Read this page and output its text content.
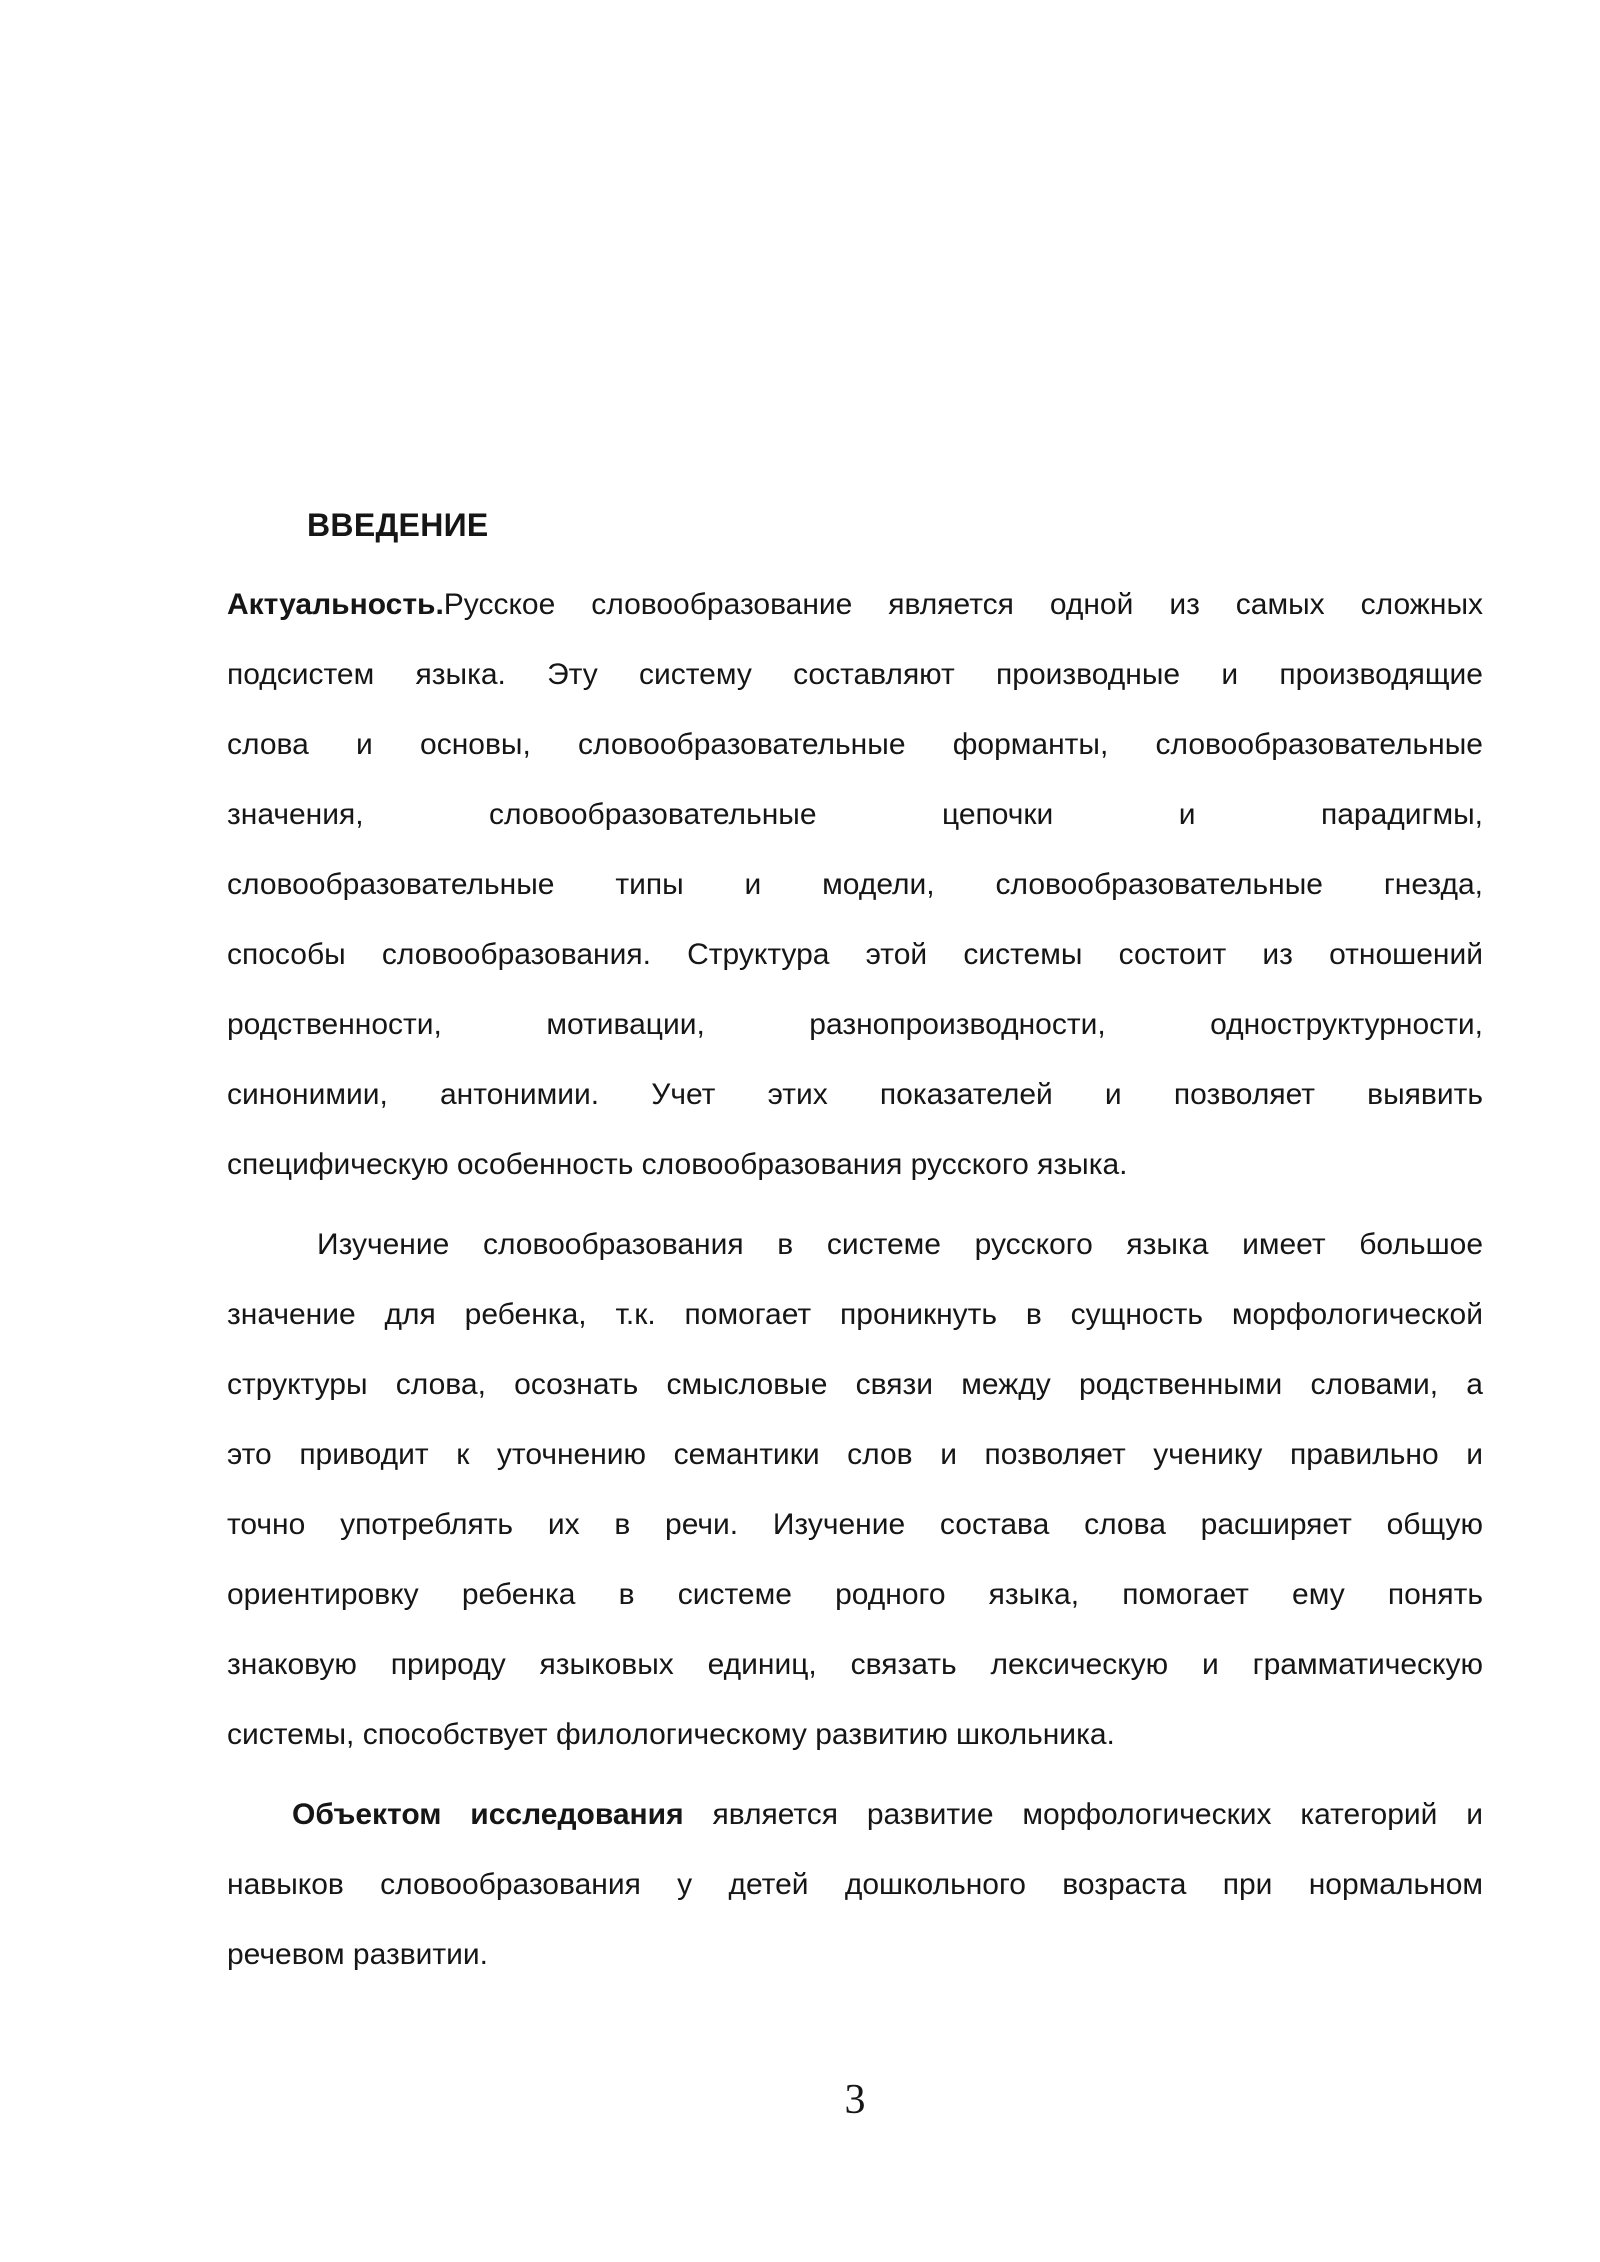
ВВЕДЕНИЕ
Актуальность.Русское словообразование является одной из самых сложных
подсистем языка. Эту систему составляют производные и производящие
слова и основы, словообразовательные форманты, словообразовательные
значения, словообразовательные цепочки и парадигмы,
словообразовательные типы и модели, словообразовательные гнезда,
способы словообразования. Структура этой системы состоит из отношений
родственности, мотивации, разнопроизводности, одноструктурности,
синонимии, антонимии. Учет этих показателей и позволяет выявить
специфическую особенность словообразования русского языка.
Изучение словообразования в системе русского языка имеет большое
значение для ребенка, т.к. помогает проникнуть в сущность морфологической
структуры слова, осознать смысловые связи между родственными словами, а
это приводит к уточнению семантики слов и позволяет ученику правильно и
точно употреблять их в речи. Изучение состава слова расширяет общую
ориентировку ребенка в системе родного языка, помогает ему понять
знаковую природу языковых единиц, связать лексическую и грамматическую
системы, способствует филологическому развитию школьника.
Объектом исследования является развитие морфологических категорий и
навыков словообразования у детей дошкольного возраста при нормальном
речевом развитии.
3
